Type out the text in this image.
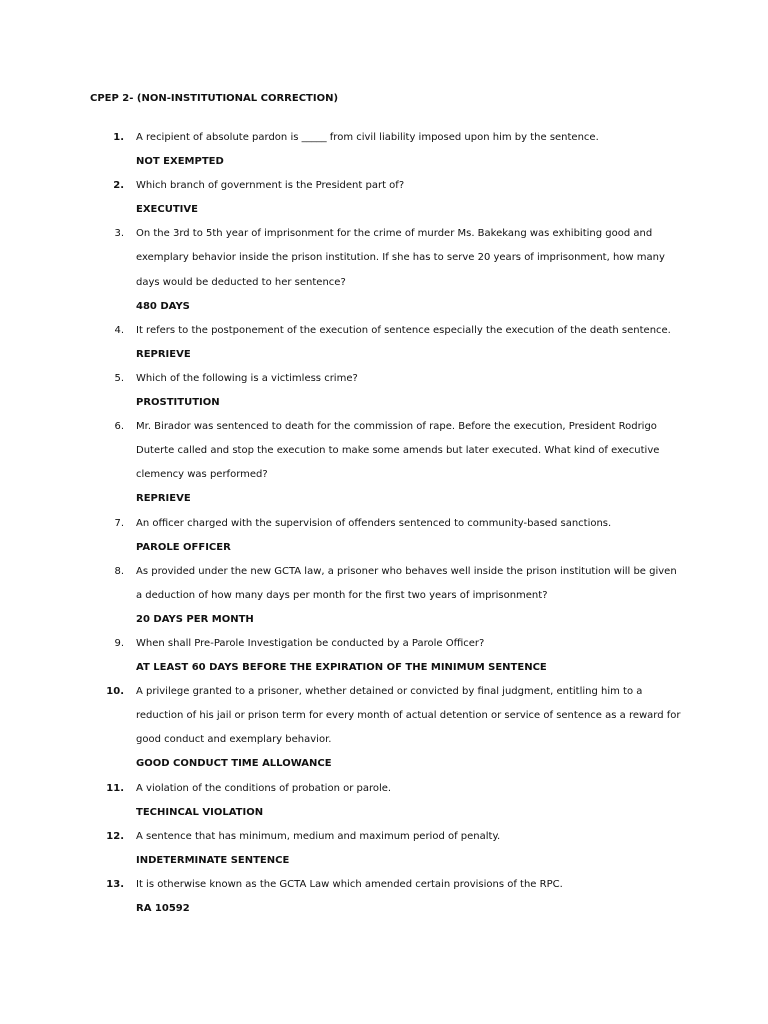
CPEP 2- (NON-INSTITUTIONAL CORRECTION)
1. A recipient of absolute pardon is _____ from civil liability imposed upon him by the sentence.
NOT EXEMPTED
2. Which branch of government is the President part of?
EXECUTIVE
3. On the 3rd to 5th year of imprisonment for the crime of murder Ms. Bakekang was exhibiting good and exemplary behavior inside the prison institution. If she has to serve 20 years of imprisonment, how many days would be deducted to her sentence?
480 DAYS
4. It refers to the postponement of the execution of sentence especially the execution of the death sentence.
REPRIEVE
5. Which of the following is a victimless crime?
PROSTITUTION
6. Mr. Birador was sentenced to death for the commission of rape. Before the execution, President Rodrigo Duterte called and stop the execution to make some amends but later executed. What kind of executive clemency was performed?
REPRIEVE
7. An officer charged with the supervision of offenders sentenced to community-based sanctions.
PAROLE OFFICER
8. As provided under the new GCTA law, a prisoner who behaves well inside the prison institution will be given a deduction of how many days per month for the first two years of imprisonment?
20 DAYS PER MONTH
9. When shall Pre-Parole Investigation be conducted by a Parole Officer?
AT LEAST 60 DAYS BEFORE THE EXPIRATION OF THE MINIMUM SENTENCE
10. A privilege granted to a prisoner, whether detained or convicted by final judgment, entitling him to a reduction of his jail or prison term for every month of actual detention or service of sentence as a reward for good conduct and exemplary behavior.
GOOD CONDUCT TIME ALLOWANCE
11. A violation of the conditions of probation or parole.
TECHINCAL VIOLATION
12. A sentence that has minimum, medium and maximum period of penalty.
INDETERMINATE SENTENCE
13. It is otherwise known as the GCTA Law which amended certain provisions of the RPC.
RA 10592
